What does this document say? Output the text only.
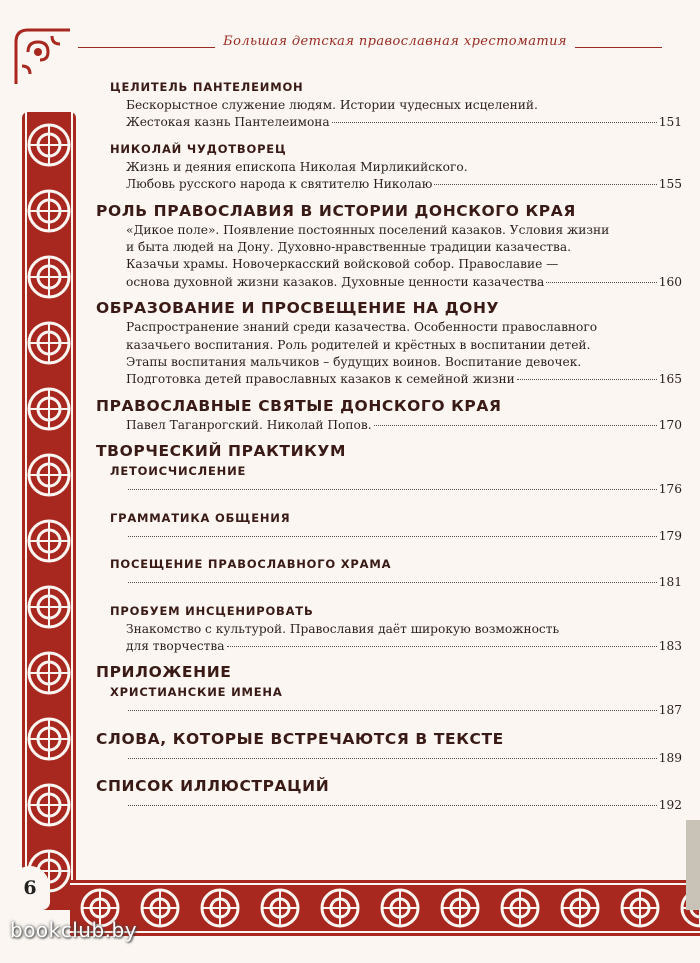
Большая детская православная хрестоматия
6
bookclub.by
ЦЕЛИТЕЛЬ ПАНТЕЛЕИМОН
Бескорыстное служение людям. Истории чудесных исцелений.
Жестокая казнь Пантелеимона	151
НИКОЛАЙ ЧУДОТВОРЕЦ
Жизнь и деяния епископа Николая Мирликийского.
Любовь русского народа к святителю Николаю	155
РОЛЬ ПРАВОСЛАВИЯ В ИСТОРИИ ДОНСКОГО КРАЯ
«Дикое поле». Появление постоянных поселений казаков. Условия жизни
и быта людей на Дону. Духовно-нравственные традиции казачества.
Казачьи храмы. Новочеркасский войсковой собор. Православие —
основа духовной жизни казаков. Духовные ценности казачества	160
ОБРАЗОВАНИЕ И ПРОСВЕЩЕНИЕ НА ДОНУ
Распространение знаний среди казачества. Особенности православного
казачьего воспитания. Роль родителей и крёстных в воспитании детей.
Этапы воспитания мальчиков – будущих воинов. Воспитание девочек.
Подготовка детей православных казаков к семейной жизни	165
ПРАВОСЛАВНЫЕ СВЯТЫЕ ДОНСКОГО КРАЯ
Павел Таганрогский. Николай Попов.	170
ТВОРЧЕСКИЙ ПРАКТИКУМ
ЛЕТОИСЧИСЛЕНИЕ
176
ГРАММАТИКА ОБЩЕНИЯ
179
ПОСЕЩЕНИЕ ПРАВОСЛАВНОГО ХРАМА
181
ПРОБУЕМ ИНСЦЕНИРОВАТЬ
Знакомство с культурой. Православия даёт широкую возможность
для творчества	183
ПРИЛОЖЕНИЕ
ХРИСТИАНСКИЕ ИМЕНА
187
СЛОВА, КОТОРЫЕ ВСТРЕЧАЮТСЯ В ТЕКСТЕ
189
СПИСОК ИЛЛЮСТРАЦИЙ
192
